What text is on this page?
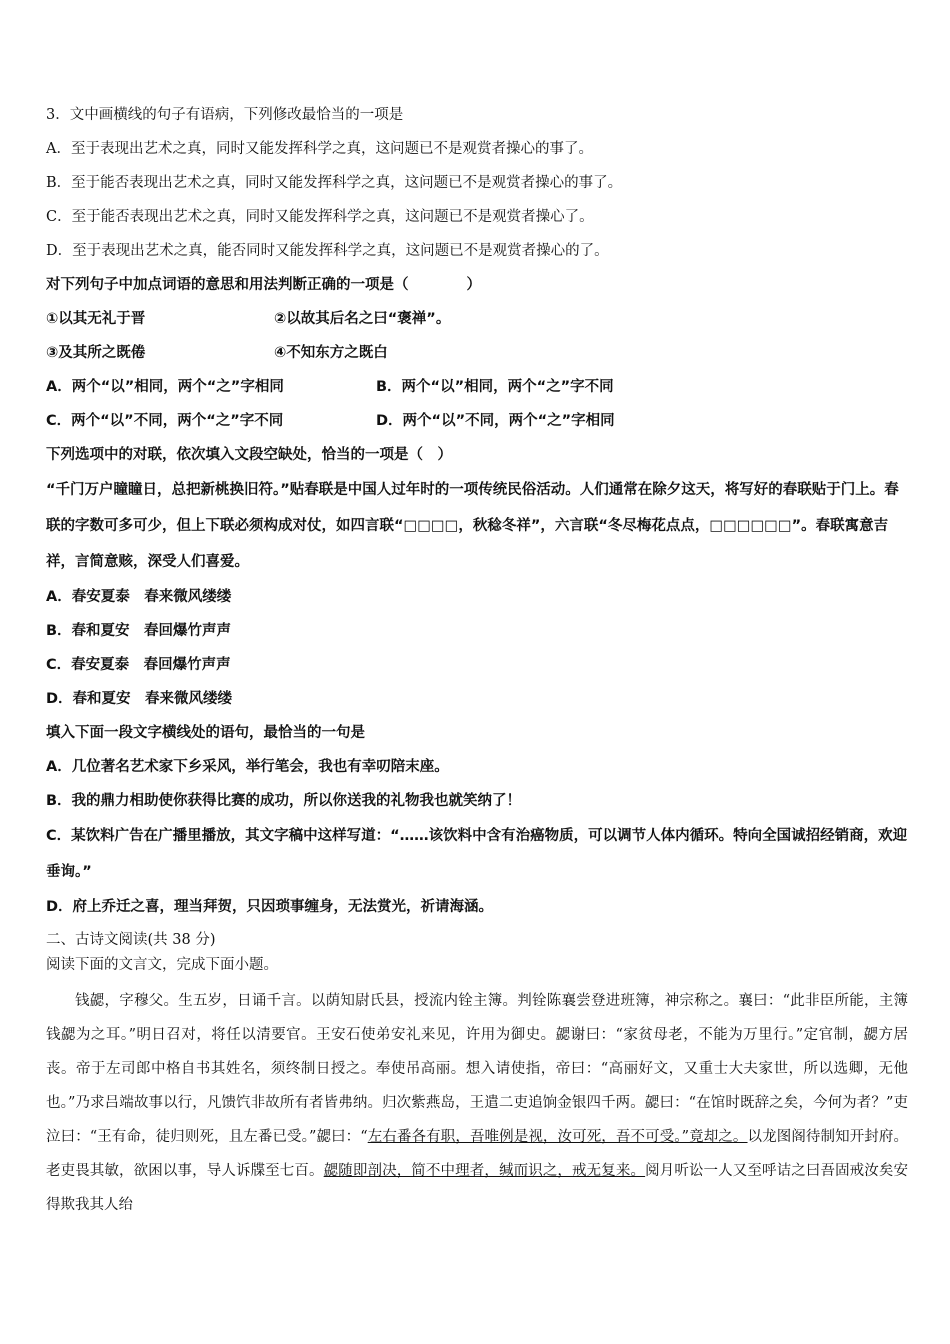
3．文中画横线的句子有语病，下列修改最恰当的一项是
A．至于表现出艺术之真，同时又能发挥科学之真，这问题已不是观赏者操心的事了。
B．至于能否表现出艺术之真，同时又能发挥科学之真，这问题已不是观赏者操心的事了。
C．至于能否表现出艺术之真，同时又能发挥科学之真，这问题已不是观赏者操心了。
D．至于表现出艺术之真，能否同时又能发挥科学之真，这问题已不是观赏者操心的了。
对下列句子中加点词语的意思和用法判断正确的一项是（　　　　）
①以其无礼于晋	②以故其后名之曰“褒禅”。
③及其所之既倦	④不知东方之既白
A．两个“以”相同，两个“之”字相同	B．两个“以”相同，两个“之”字不同
C．两个“以”不同，两个“之”字不同	D．两个“以”不同，两个“之”字相同
下列选项中的对联，依次填入文段空缺处，恰当的一项是（　）
“千门万户瞳瞳日，总把新桃换旧符。”贴春联是中国人过年时的一项传统民俗活动。人们通常在除夕这天，将写好的春联贴于门上。春联的字数可多可少，但上下联必须构成对仗，如四言联“□□□□，秋稔冬祥”，六言联“冬尽梅花点点，□□□□□□”。春联寓意吉祥，言简意赅，深受人们喜爱。
A．春安夏泰　春来微风缕缕
B．春和夏安　春回爆竹声声
C．春安夏泰　春回爆竹声声
D．春和夏安　春来微风缕缕
填入下面一段文字横线处的语句，最恰当的一句是
A．几位著名艺术家下乡采风，举行笔会，我也有幸叨陪末座。
B．我的鼎力相助使你获得比赛的成功，所以你送我的礼物我也就笑纳了！
C．某饮料广告在广播里播放，其文字稿中这样写道：“……该饮料中含有治癌物质，可以调节人体内循环。特向全国诚招经销商，欢迎垂询。”
D．府上乔迁之喜，理当拜贺，只因琐事缠身，无法赏光，祈请海涵。
二、古诗文阅读(共 38 分)
阅读下面的文言文，完成下面小题。

钱勰，字穆父。生五岁，日诵千言。以荫知尉氏县，授流内铨主簿。判铨陈襄尝登进班簿，神宗称之。襄曰：“此非臣所能，主簿钱勰为之耳。”明日召对，将任以清要官。王安石使弟安礼来见，许用为御史。勰谢曰：“家贫母老，不能为万里行。”定官制，勰方居丧。帝于左司郎中格自书其姓名，须终制日授之。奉使吊高丽。想入请使指，帝曰：“高丽好文，又重士大夫家世，所以选卿，无他也。”乃求吕端故事以行，凡馈饩非故所有者皆弗纳。归次紫燕岛，王遣二吏追饷金银四千两。勰曰：“在馆时既辞之矣，今何为者？”吏泣曰：“王有命，徒归则死，且左番已受。”勰曰：“左右番各有职，吾唯例是视，汝可死，吾不可受。”竟却之。以龙图阁待制知开封府。老吏畏其敏，欲困以事，导人诉牒至七百。勰随即剖决，简不中理者，缄而识之，戒无复来。阅月听讼一人又至呼诘之曰吾固戒汝矣安得欺我其人绐
